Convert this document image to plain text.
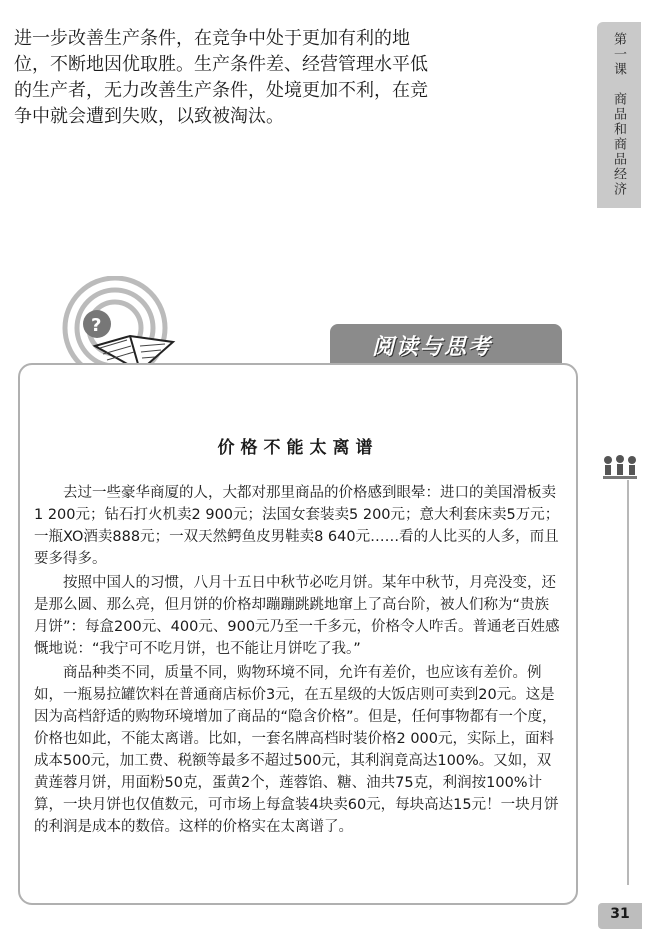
第一课　商品和商品经济

进一步改善生产条件，在竞争中处于更加有利的地

位，不断地因优取胜。生产条件差、经营管理水平低

的生产者，无力改善生产条件，处境更加不利，在竞

争中就会遭到失败，以致被淘汰。

?
阅读与思考
价格不能太离谱

去过一些豪华商厦的人，大都对那里商品的价格感到眼晕：进口的美国滑板卖1 200元；钻石打火机卖2 900元；法国女套装卖5 200元；意大利套床卖5万元；一瓶XO酒卖888元；一双天然鳄鱼皮男鞋卖8 640元……看的人比买的人多，而且要多得多。

按照中国人的习惯，八月十五日中秋节必吃月饼。某年中秋节，月亮没变，还是那么圆、那么亮，但月饼的价格却蹦蹦跳跳地窜上了高台阶，被人们称为“贵族月饼”：每盒200元、400元、900元乃至一千多元，价格令人咋舌。普通老百姓感慨地说：“我宁可不吃月饼，也不能让月饼吃了我。”

商品种类不同，质量不同，购物环境不同，允许有差价，也应该有差价。例如，一瓶易拉罐饮料在普通商店标价3元，在五星级的大饭店则可卖到20元。这是因为高档舒适的购物环境增加了商品的“隐含价格”。但是，任何事物都有一个度，价格也如此，不能太离谱。比如，一套名牌高档时装价格2 000元，实际上，面料成本500元，加工费、税额等最多不超过500元，其利润竟高达100%。又如，双黄莲蓉月饼，用面粉50克，蛋黄2个，莲蓉馅、糖、油共75克，利润按100%计算，一块月饼也仅值数元，可市场上每盒装4块卖60元，每块高达15元！一块月饼的利润是成本的数倍。这样的价格实在太离谱了。

31
